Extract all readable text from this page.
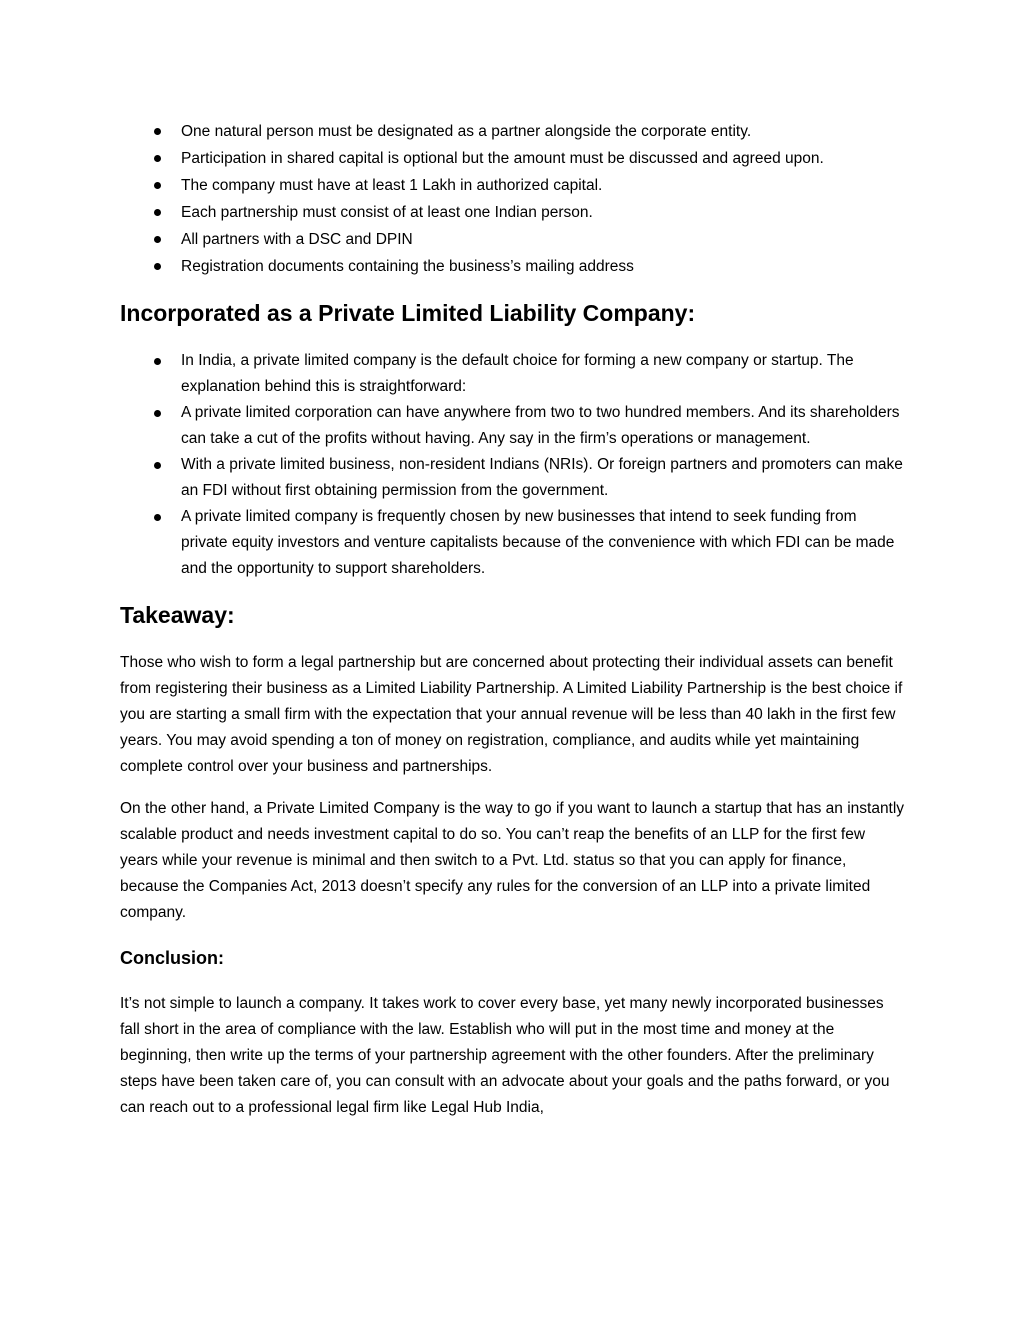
One natural person must be designated as a partner alongside the corporate entity.
Participation in shared capital is optional but the amount must be discussed and agreed upon.
The company must have at least 1 Lakh in authorized capital.
Each partnership must consist of at least one Indian person.
All partners with a DSC and DPIN
Registration documents containing the business’s mailing address
Incorporated as a Private Limited Liability Company:
In India, a private limited company is the default choice for forming a new company or startup. The explanation behind this is straightforward:
A private limited corporation can have anywhere from two to two hundred members. And its shareholders can take a cut of the profits without having. Any say in the firm’s operations or management.
With a private limited business, non-resident Indians (NRIs). Or foreign partners and promoters can make an FDI without first obtaining permission from the government.
A private limited company is frequently chosen by new businesses that intend to seek funding from private equity investors and venture capitalists because of the convenience with which FDI can be made and the opportunity to support shareholders.
Takeaway:

Those who wish to form a legal partnership but are concerned about protecting their individual assets can benefit from registering their business as a Limited Liability Partnership. A Limited Liability Partnership is the best choice if you are starting a small firm with the expectation that your annual revenue will be less than 40 lakh in the first few years. You may avoid spending a ton of money on registration, compliance, and audits while yet maintaining complete control over your business and partnerships.

On the other hand, a Private Limited Company is the way to go if you want to launch a startup that has an instantly scalable product and needs investment capital to do so. You can’t reap the benefits of an LLP for the first few years while your revenue is minimal and then switch to a Pvt. Ltd. status so that you can apply for finance, because the Companies Act, 2013 doesn’t specify any rules for the conversion of an LLP into a private limited company.

Conclusion:

It’s not simple to launch a company. It takes work to cover every base, yet many newly incorporated businesses fall short in the area of compliance with the law. Establish who will put in the most time and money at the beginning, then write up the terms of your partnership agreement with the other founders. After the preliminary steps have been taken care of, you can consult with an advocate about your goals and the paths forward, or you can reach out to a professional legal firm like Legal Hub India,
